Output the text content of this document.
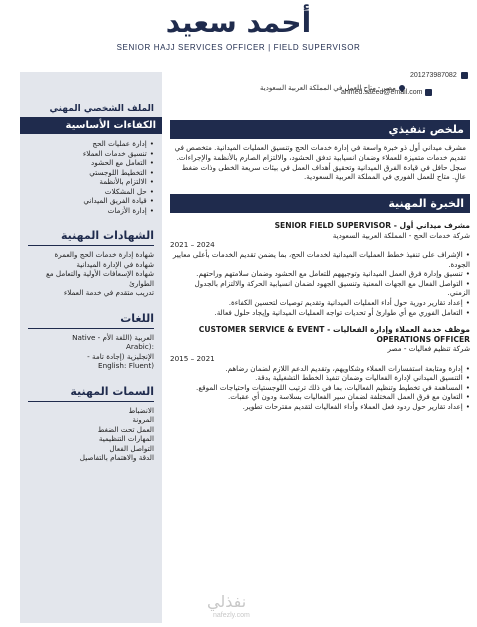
أحمد سعيد
SENIOR HAJJ SERVICES OFFICER | FIELD SUPERVISOR
الملف الشخصي المهني
الكفاءات الأساسية
• إدارة عمليات الحج
• تنسيق خدمات العملاء
• التعامل مع الحشود
• التخطيط اللوجستي
• الالتزام بالأنظمة
• حل المشكلات
• قيادة الفريق الميداني
• إدارة الأزمات
الشهادات المهنية
شهادة إدارة خدمات الحج والعمرة
شهادة في الإدارة الميدانية
شهادة الإسعافات الأولية والتعامل مع الطوارئ
تدريب متقدم في خدمة العملاء
اللغات
العربية (اللغة الأم - Native
:(Arabic
الإنجليزية (إجادة تامة -
(English: Fluent
السمات المهنية
الانضباط
المرونة
العمل تحت الضغط
المهارات التنظيمية
التواصل الفعال
الدقة والاهتمام بالتفاصيل
201273987082
مصر - متاح للعمل في المملكة العربية السعودية
ahmed.saeed@email.com
ملخص تنفيذي
مشرف ميداني أول ذو خبرة واسعة في إدارة خدمات الحج وتنسيق العمليات الميدانية. متخصص في تقديم خدمات متميزة للعملاء وضمان انسيابية تدفق الحشود، والالتزام الصارم بالأنظمة والإجراءات. سجل حافل في قيادة الفرق الميدانية وتحقيق أهداف العمل في بيئات سريعة الخطى وذات ضغط عالٍ. متاح للعمل الفوري في المملكة العربية السعودية.
الخبرة المهنية
مشرف ميداني أول - SENIOR FIELD SUPERVISOR
شركة خدمات الحج - المملكة العربية السعودية
2021 – 2024
• الإشراف على تنفيذ خطط العمليات الميدانية لخدمات الحج، بما يضمن تقديم الخدمات بأعلى معايير الجودة.
• تنسيق وإدارة فرق العمل الميدانية وتوجيههم للتعامل مع الحشود وضمان سلامتهم وراحتهم.
• التواصل الفعال مع الجهات المعنية وتنسيق الجهود لضمان انسيابية الحركة والالتزام بالجدول الزمني.
• إعداد تقارير دورية حول أداء العمليات الميدانية وتقديم توصيات لتحسين الكفاءة.
• التعامل الفوري مع أي طوارئ أو تحديات تواجه العمليات الميدانية وإيجاد حلول فعالة.
موظف خدمة العملاء وإدارة الفعاليات - CUSTOMER SERVICE & EVENT OPERATIONS OFFICER
شركة تنظيم فعاليات - مصر
2015 – 2021
• إدارة ومتابعة استفسارات العملاء وشكاويهم، وتقديم الدعم اللازم لضمان رضاهم.
• التنسيق الميداني لإدارة الفعاليات وضمان تنفيذ الخطط التشغيلية بدقة.
• المساهمة في تخطيط وتنظيم الفعاليات، بما في ذلك ترتيب اللوجستيات واحتياجات الموقع.
• التعاون مع فرق العمل المختلفة لضمان سير الفعاليات بسلاسة ودون أي عقبات.
• إعداد تقارير حول ردود فعل العملاء وأداء الفعاليات لتقديم مقترحات تطوير.
نفذلي
nafezly.com
